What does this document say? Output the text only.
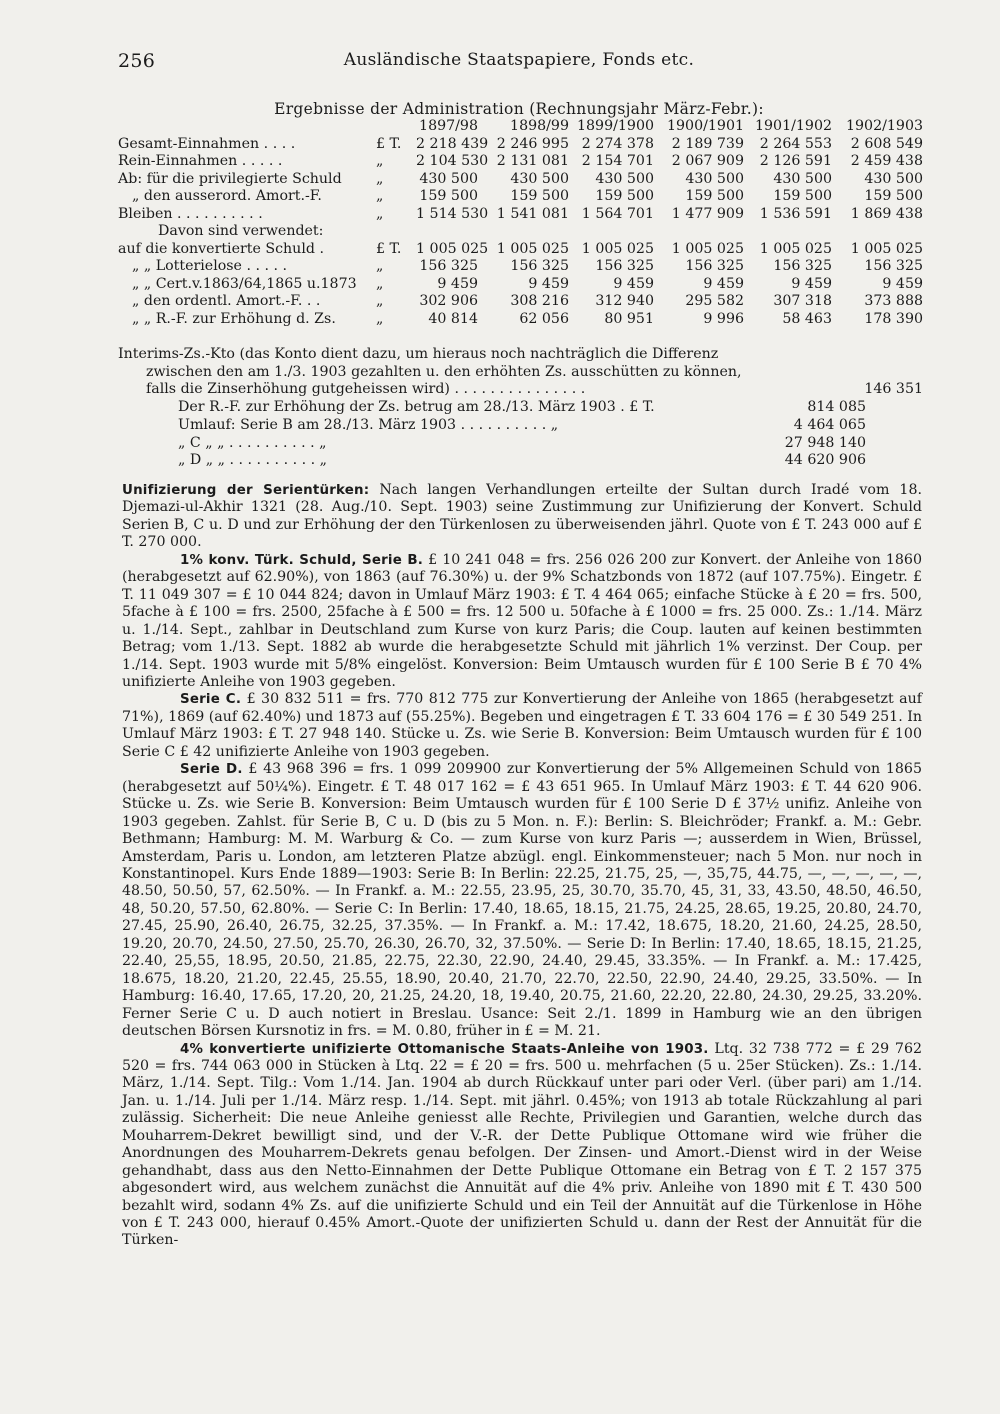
256	Ausländische Staatspapiere, Fonds etc.
Ergebnisse der Administration (Rechnungsjahr März-Febr.):
		1897/98	1898/99	1899/1900	1900/1901	1901/1902	1902/1903
Gesamt-Einnahmen . . . .	£ T.	2 218 439	2 246 995	2 274 378	2 189 739	2 264 553	2 608 549
Rein-Einnahmen . . . . .	„	2 104 530	2 131 081	2 154 701	2 067 909	2 126 591	2 459 438
Ab: für die privilegierte Schuld	„	430 500	430 500	430 500	430 500	430 500	430 500
„ den ausserord. Amort.-F.	„	159 500	159 500	159 500	159 500	159 500	159 500
Bleiben . . . . . . . . . .	„	1 514 530	1 541 081	1 564 701	1 477 909	1 536 591	1 869 438
Davon sind verwendet:							
auf die konvertierte Schuld .	£ T.	1 005 025	1 005 025	1 005 025	1 005 025	1 005 025	1 005 025
„ „ Lotterielose . . . . .	„	156 325	156 325	156 325	156 325	156 325	156 325
„ „ Cert.v.1863/64,1865 u.1873	„	9 459	9 459	9 459	9 459	9 459	9 459
„ den ordentl. Amort.-F. . .	„	302 906	308 216	312 940	295 582	307 318	373 888
„ „ R.-F. zur Erhöhung d. Zs.	„	40 814	62 056	80 951	9 996	58 463	178 390
Interims-Zs.-Kto (das Konto dient dazu, um hieraus noch nachträglich die Differenz
zwischen den am 1./3. 1903 gezahlten u. den erhöhten Zs. ausschütten zu können,
falls die Zinserhöhung gutgeheissen wird) . . . . . . . . . . . . . . .	146 351
Der R.-F. zur Erhöhung der Zs. betrug am 28./13. März 1903 . £ T.	814 085
Umlauf: Serie B am 28./13. März 1903 . . . . . . . . . . „	4 464 065
„ C „ „ . . . . . . . . . . „	27 948 140
„ D „ „ . . . . . . . . . . „	44 620 906

Unifizierung der Serientürken: Nach langen Verhandlungen erteilte der Sultan durch Iradé vom 18. Djemazi-ul-Akhir 1321 (28. Aug./10. Sept. 1903) seine Zustimmung zur Unifizierung der Konvert. Schuld Serien B, C u. D und zur Erhöhung der den Türkenlosen zu überweisenden jährl. Quote von £ T. 243 000 auf £ T. 270 000.

1% konv. Türk. Schuld, Serie B. £ 10 241 048 = frs. 256 026 200 zur Konvert. der Anleihe von 1860 (herabgesetzt auf 62.90%), von 1863 (auf 76.30%) u. der 9% Schatzbonds von 1872 (auf 107.75%). Eingetr. £ T. 11 049 307 = £ 10 044 824; davon in Umlauf März 1903: £ T. 4 464 065; einfache Stücke à £ 20 = frs. 500, 5fache à £ 100 = frs. 2500, 25fache à £ 500 = frs. 12 500 u. 50fache à £ 1000 = frs. 25 000. Zs.: 1./14. März u. 1./14. Sept., zahlbar in Deutschland zum Kurse von kurz Paris; die Coup. lauten auf keinen bestimmten Betrag; vom 1./13. Sept. 1882 ab wurde die herabgesetzte Schuld mit jährlich 1% verzinst. Der Coup. per 1./14. Sept. 1903 wurde mit 5/8% eingelöst. Konversion: Beim Umtausch wurden für £ 100 Serie B £ 70 4% unifizierte Anleihe von 1903 gegeben.

Serie C. £ 30 832 511 = frs. 770 812 775 zur Konvertierung der Anleihe von 1865 (herabgesetzt auf 71%), 1869 (auf 62.40%) und 1873 auf (55.25%). Begeben und eingetragen £ T. 33 604 176 = £ 30 549 251. In Umlauf März 1903: £ T. 27 948 140. Stücke u. Zs. wie Serie B. Konversion: Beim Umtausch wurden für £ 100 Serie C £ 42 unifizierte Anleihe von 1903 gegeben.

Serie D. £ 43 968 396 = frs. 1 099 209900 zur Konvertierung der 5% Allgemeinen Schuld von 1865 (herabgesetzt auf 50¼%). Eingetr. £ T. 48 017 162 = £ 43 651 965. In Umlauf März 1903: £ T. 44 620 906. Stücke u. Zs. wie Serie B. Konversion: Beim Umtausch wurden für £ 100 Serie D £ 37½ unifiz. Anleihe von 1903 gegeben. Zahlst. für Serie B, C u. D (bis zu 5 Mon. n. F.): Berlin: S. Bleichröder; Frankf. a. M.: Gebr. Bethmann; Hamburg: M. M. Warburg & Co. — zum Kurse von kurz Paris —; ausserdem in Wien, Brüssel, Amsterdam, Paris u. London, am letzteren Platze abzügl. engl. Einkommensteuer; nach 5 Mon. nur noch in Konstantinopel. Kurs Ende 1889—1903: Serie B: In Berlin: 22.25, 21.75, 25, —, 35,75, 44.75, —, —, —, —, —, 48.50, 50.50, 57, 62.50%. — In Frankf. a. M.: 22.55, 23.95, 25, 30.70, 35.70, 45, 31, 33, 43.50, 48.50, 46.50, 48, 50.20, 57.50, 62.80%. — Serie C: In Berlin: 17.40, 18.65, 18.15, 21.75, 24.25, 28.65, 19.25, 20.80, 24.70, 27.45, 25.90, 26.40, 26.75, 32.25, 37.35%. — In Frankf. a. M.: 17.42, 18.675, 18.20, 21.60, 24.25, 28.50, 19.20, 20.70, 24.50, 27.50, 25.70, 26.30, 26.70, 32, 37.50%. — Serie D: In Berlin: 17.40, 18.65, 18.15, 21.25, 22.40, 25,55, 18.95, 20.50, 21.85, 22.75, 22.30, 22.90, 24.40, 29.45, 33.35%. — In Frankf. a. M.: 17.425, 18.675, 18.20, 21.20, 22.45, 25.55, 18.90, 20.40, 21.70, 22.70, 22.50, 22.90, 24.40, 29.25, 33.50%. — In Hamburg: 16.40, 17.65, 17.20, 20, 21.25, 24.20, 18, 19.40, 20.75, 21.60, 22.20, 22.80, 24.30, 29.25, 33.20%. Ferner Serie C u. D auch notiert in Breslau. Usance: Seit 2./1. 1899 in Hamburg wie an den übrigen deutschen Börsen Kursnotiz in frs. = M. 0.80, früher in £ = M. 21.

4% konvertierte unifizierte Ottomanische Staats-Anleihe von 1903. Ltq. 32 738 772 = £ 29 762 520 = frs. 744 063 000 in Stücken à Ltq. 22 = £ 20 = frs. 500 u. mehrfachen (5 u. 25er Stücken). Zs.: 1./14. März, 1./14. Sept. Tilg.: Vom 1./14. Jan. 1904 ab durch Rückkauf unter pari oder Verl. (über pari) am 1./14. Jan. u. 1./14. Juli per 1./14. März resp. 1./14. Sept. mit jährl. 0.45%; von 1913 ab totale Rückzahlung al pari zulässig. Sicherheit: Die neue Anleihe geniesst alle Rechte, Privilegien und Garantien, welche durch das Mouharrem-Dekret bewilligt sind, und der V.-R. der Dette Publique Ottomane wird wie früher die Anordnungen des Mouharrem-Dekrets genau befolgen. Der Zinsen- und Amort.-Dienst wird in der Weise gehandhabt, dass aus den Netto-Einnahmen der Dette Publique Ottomane ein Betrag von £ T. 2 157 375 abgesondert wird, aus welchem zunächst die Annuität auf die 4% priv. Anleihe von 1890 mit £ T. 430 500 bezahlt wird, sodann 4% Zs. auf die unifizierte Schuld und ein Teil der Annuität auf die Türkenlose in Höhe von £ T. 243 000, hierauf 0.45% Amort.-Quote der unifizierten Schuld u. dann der Rest der Annuität für die Türken-
